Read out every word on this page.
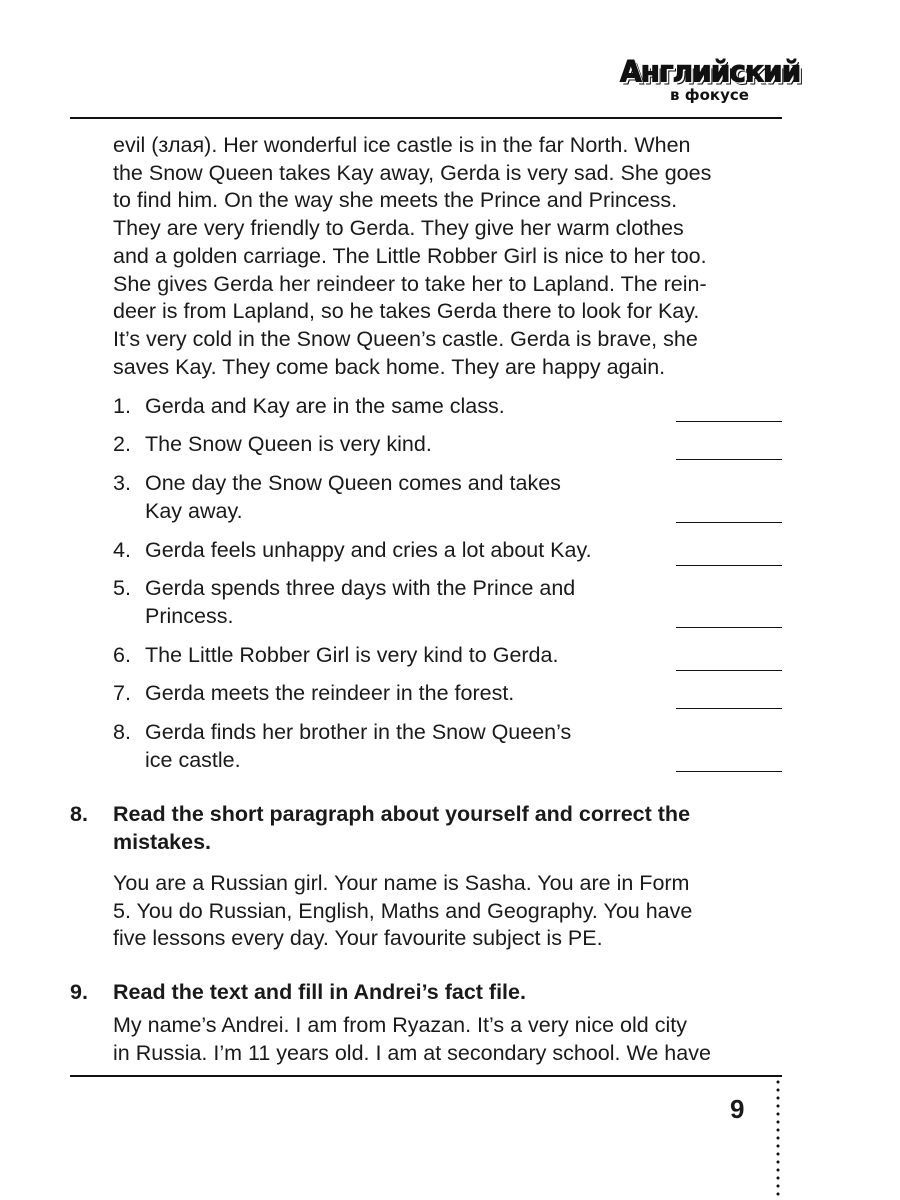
Английский
в фокусе
evil (злая). Her wonderful ice castle is in the far North. When
the Snow Queen takes Kay away, Gerda is very sad. She goes
to find him. On the way she meets the Prince and Princess.
They are very friendly to Gerda. They give her warm clothes
and a golden carriage. The Little Robber Girl is nice to her too.
She gives Gerda her reindeer to take her to Lapland. The rein-
deer is from Lapland, so he takes Gerda there to look for Kay.
It’s very cold in the Snow Queen’s castle. Gerda is brave, she
saves Kay. They come back home. They are happy again.
1. Gerda and Kay are in the same class.
2. The Snow Queen is very kind.
3. One day the Snow Queen comes and takes
Kay away.
4. Gerda feels unhappy and cries a lot about Kay.
5. Gerda spends three days with the Prince and
Princess.
6. The Little Robber Girl is very kind to Gerda.
7. Gerda meets the reindeer in the forest.
8. Gerda finds her brother in the Snow Queen’s
ice castle.
8. Read the short paragraph about yourself and correct the
mistakes.
You are a Russian girl. Your name is Sasha. You are in Form
5. You do Russian, English, Maths and Geography. You have
five lessons every day. Your favourite subject is PE.
9. Read the text and fill in Andrei’s fact file.
My name’s Andrei. I am from Ryazan. It’s a very nice old city
in Russia. I’m 11 years old. I am at secondary school. We have
9
